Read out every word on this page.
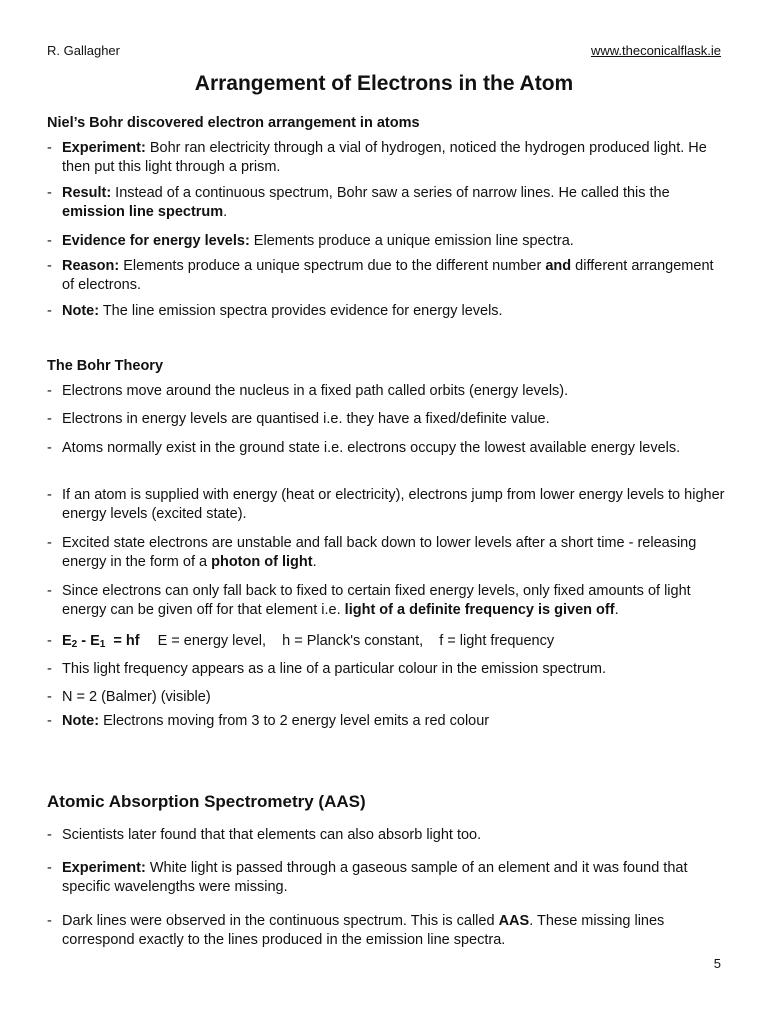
R. Gallagher	www.theconicalflask.ie
Arrangement of Electrons in the Atom
Niel’s Bohr discovered electron arrangement in atoms
- Experiment: Bohr ran electricity through a vial of hydrogen, noticed the hydrogen produced light. He then put this light through a prism.
- Result: Instead of a continuous spectrum, Bohr saw a series of narrow lines. He called this the emission line spectrum.
- Evidence for energy levels: Elements produce a unique emission line spectra.
- Reason: Elements produce a unique spectrum due to the different number and different arrangement of electrons.
- Note: The line emission spectra provides evidence for energy levels.
The Bohr Theory
- Electrons move around the nucleus in a fixed path called orbits (energy levels).
- Electrons in energy levels are quantised i.e. they have a fixed/definite value.
- Atoms normally exist in the ground state i.e. electrons occupy the lowest available energy levels.
- If an atom is supplied with energy (heat or electricity), electrons jump from lower energy levels to higher energy levels (excited state).
- Excited state electrons are unstable and fall back down to lower levels after a short time - releasing energy in the form of a photon of light.
- Since electrons can only fall back to fixed to certain fixed energy levels, only fixed amounts of light energy can be given off for that element i.e. light of a definite frequency is given off.
- $E_2 - E_1$  = hf E = energy level,    h = Planck's constant,    f = light frequency
- This light frequency appears as a line of a particular colour in the emission spectrum.
- N = 2 (Balmer) (visible)
- Note: Electrons moving from 3 to 2 energy level emits a red colour
Atomic Absorption Spectrometry (AAS)
- Scientists later found that that elements can also absorb light too.
- Experiment: White light is passed through a gaseous sample of an element and it was found that specific wavelengths were missing.
- Dark lines were observed in the continuous spectrum. This is called AAS. These missing lines correspond exactly to the lines produced in the emission line spectra.
5
